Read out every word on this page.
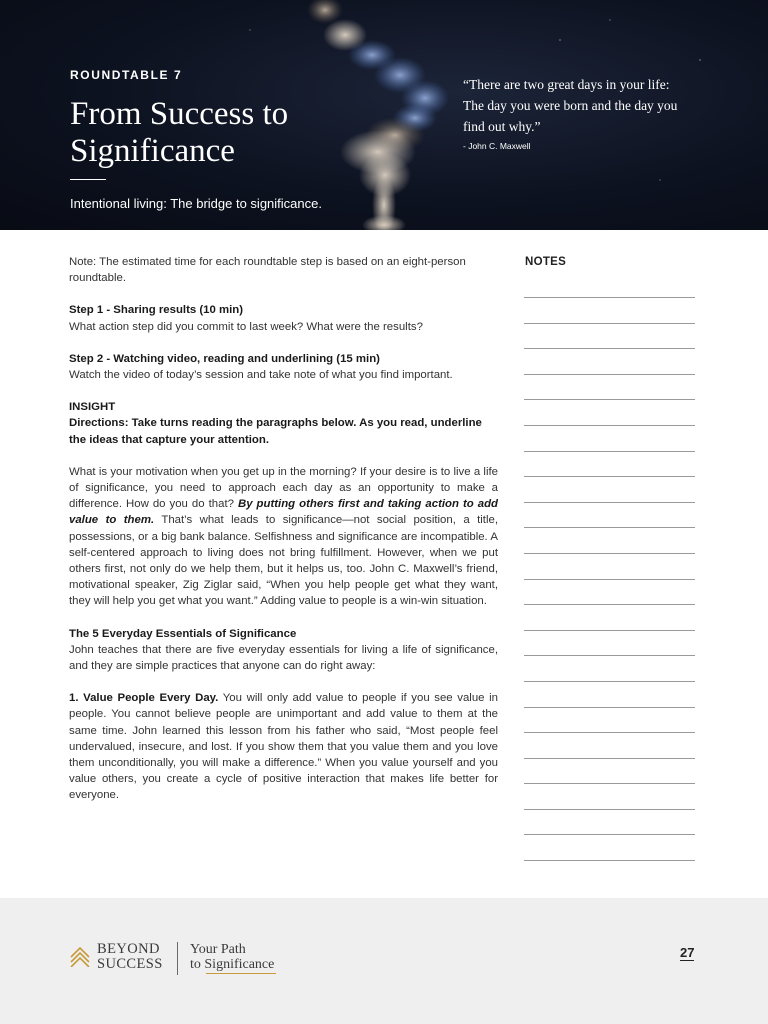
ROUNDTABLE 7
From Success to
Significance
Intentional living: The bridge to significance.
“There are two great days in your life:
The day you were born and the day you
find out why.”
- John C. Maxwell

Note: The estimated time for each roundtable step is based on an eight-person roundtable.

Step 1 - Sharing results (10 min)

What action step did you commit to last week? What were the results?

Step 2 - Watching video, reading and underlining (15 min)

Watch the video of today’s session and take note of what you find important.

INSIGHT

Directions: Take turns reading the paragraphs below. As you read, underline the ideas that capture your attention.

What is your motivation when you get up in the morning? If your desire is to live a life of significance, you need to approach each day as an opportunity to make a difference. How do you do that? By putting others first and taking action to add value to them. That’s what leads to significance—not social position, a title, possessions, or a big bank balance. Selfishness and significance are incompatible. A self-centered approach to living does not bring fulfillment. However, when we put others first, not only do we help them, but it helps us, too. John C. Maxwell’s friend, motivational speaker, Zig Ziglar said, “When you help people get what they want, they will help you get what you want.” Adding value to people is a win-win situation.

The 5 Everyday Essentials of Significance

John teaches that there are five everyday essentials for living a life of significance, and they are simple practices that anyone can do right away:

1. Value People Every Day. You will only add value to people if you see value in people. You cannot believe people are unimportant and add value to them at the same time. John learned this lesson from his father who said, “Most people feel undervalued, insecure, and lost. If you show them that you value them and you love them unconditionally, you will make a difference.” When you value yourself and you value others, you create a cycle of positive interaction that makes life better for everyone.

NOTES
BEYOND
SUCCESS
Your Path
to Significance
27
